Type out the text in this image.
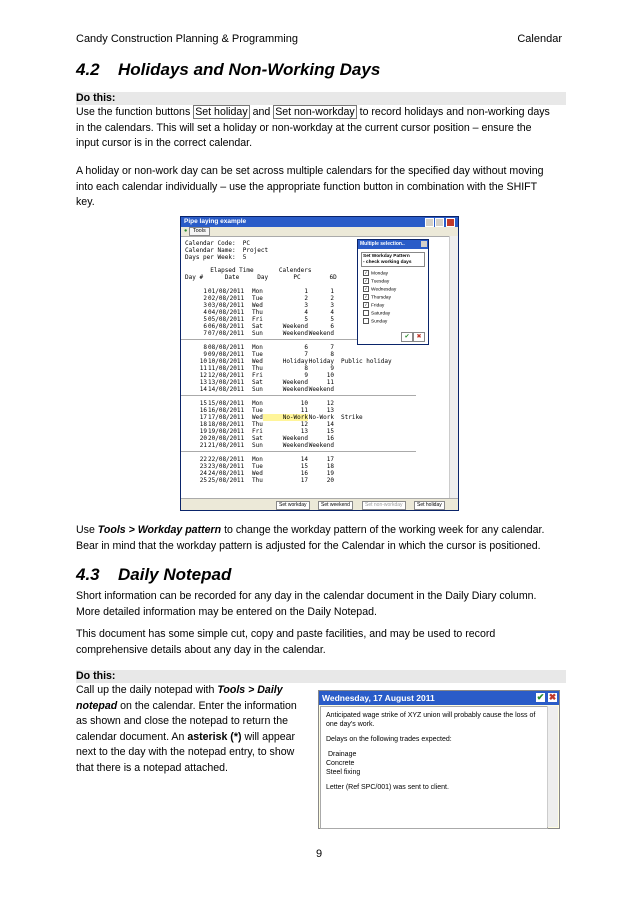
Candy Construction Planning & Programming	Calendar
4.2 Holidays and Non-Working Days
Do this:
Use the function buttons Set holiday and Set non-workday to record holidays and non-working days
in the calendars. This will set a holiday or non-workday at the current cursor position – ensure the
input cursor is in the correct calendar.
A holiday or non-work day can be set across multiple calendars for the specified day without moving
into each calendar individually – use the appropriate function button in combination with the SHIFT
key.
Pipe laying example
● Tools
Calendar Code:  PC
Calendar Name:  Project
Days per Week:  5
Elapsed Time       Calenders
Day #      Date     Day       PC        6D
1 01/08/2011 Mon	1	1
2 02/08/2011 Tue	2	2
3 03/08/2011 Wed	3	3
4 04/08/2011 Thu	4	4
5 05/08/2011 Fri	5	5
6 06/08/2011 Sat	Weekend	6
7 07/08/2011 Sun	Weekend Weekend
8 08/08/2011 Mon	6	7
9 09/08/2011 Tue	7	8
10 10/08/2011 Wed	Holiday Holiday Public holiday
11 11/08/2011 Thu	8	9
12 12/08/2011 Fri	9	10
13 13/08/2011 Sat	Weekend	11
14 14/08/2011 Sun	Weekend Weekend
15 15/08/2011 Mon	10	12
16 16/08/2011 Tue	11	13
17 17/08/2011 Wed	No-Work No-Work Strike
18 18/08/2011 Thu	12	14
19 19/08/2011 Fri	13	15
20 20/08/2011 Sat	Weekend	16
21 21/08/2011 Sun	Weekend Weekend
22 22/08/2011 Mon	14	17
23 23/08/2011 Tue	15	18
24 24/08/2011 Wed	16	19
25 25/08/2011 Thu	17	20
Set workday	Set weekend	Set non-workday	Set holiday
Multiple selection..
Set Workday Pattern
- check working days
✓ Monday
✓ Tuesday
✓ Wednesday
✓ Thursday
✓ Friday
Saturday
Sunday
✔	✖
Use Tools > Workday pattern to change the workday pattern of the working week for any calendar.
Bear in mind that the workday pattern is adjusted for the Calendar in which the cursor is positioned.
4.3 Daily Notepad
Short information can be recorded for any day in the calendar document in the Daily Diary column.
More detailed information may be entered on the Daily Notepad.
This document has some simple cut, copy and paste facilities, and may be used to record
comprehensive details about any day in the calendar.
Do this:
Call up the daily notepad with Tools > Daily
notepad on the calendar. Enter the information
as shown and close the notepad to return the
calendar document. An asterisk (*) will appear
next to the day with the notepad entry, to show
that there is a notepad attached.
Wednesday, 17 August 2011	✔ ✖
Anticipated wage strike of XYZ union will probably cause the loss of
one day's work.
Delays on the following trades expected:
Drainage
Concrete
Steel fixing
Letter (Ref SPC/001) was sent to client.
9
